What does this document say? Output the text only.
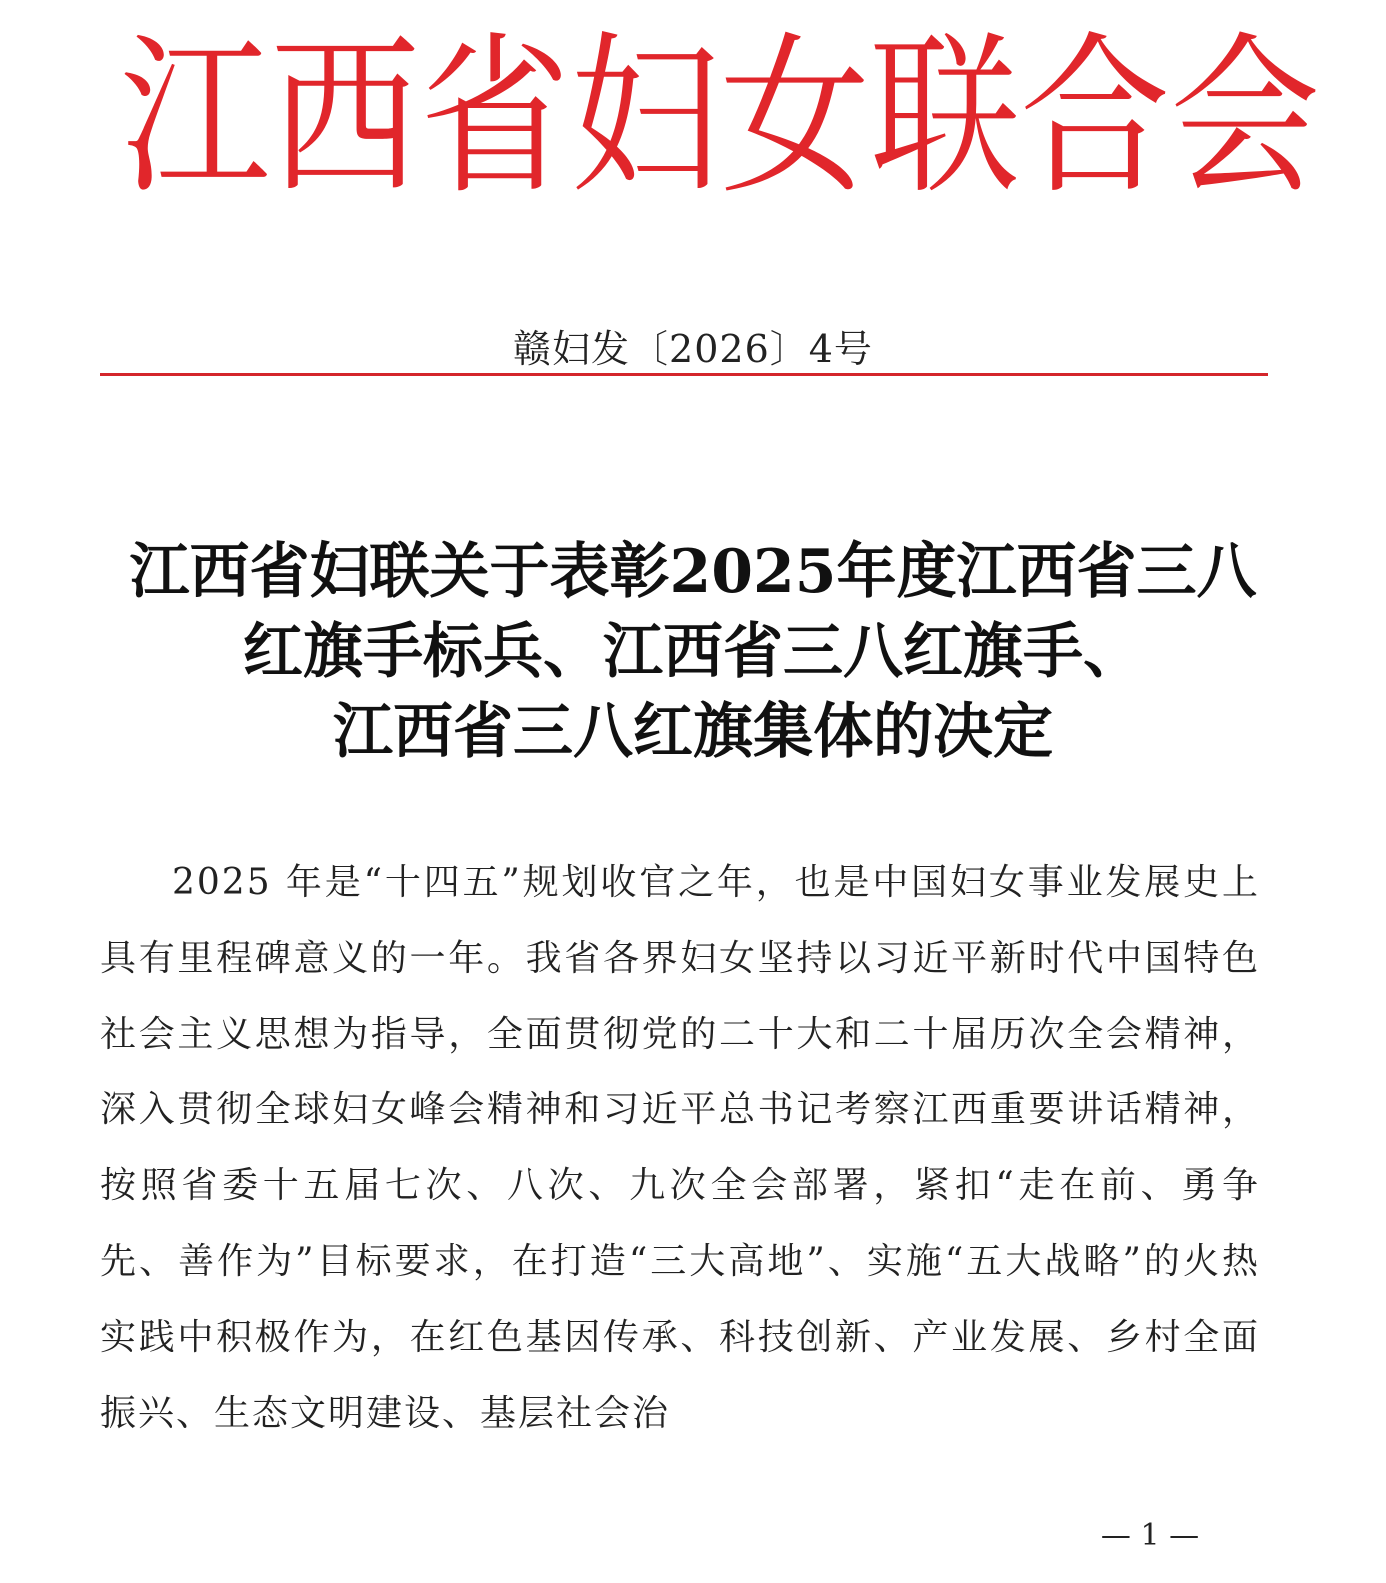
江 西 省 妇 女 联 合 会
赣妇发〔2026〕4号
江西省妇联关于表彰2025年度江西省三八
红旗手标兵、江西省三八红旗手、
江西省三八红旗集体的决定
2025 年是“十四五”规划收官之年，也是中国妇女事业发展史上具有里程碑意义的一年。我省各界妇女坚持以习近平新时代中国特色社会主义思想为指导，全面贯彻党的二十大和二十届历次全会精神，深入贯彻全球妇女峰会精神和习近平总书记考察江西重要讲话精神，按照省委十五届七次、八次、九次全会部署，紧扣“走在前、勇争先、善作为”目标要求，在打造“三大高地”、实施“五大战略”的火热实践中积极作为，在红色基因传承、科技创新、产业发展、乡村全面振兴、生态文明建设、基层社会治
— 1 —
